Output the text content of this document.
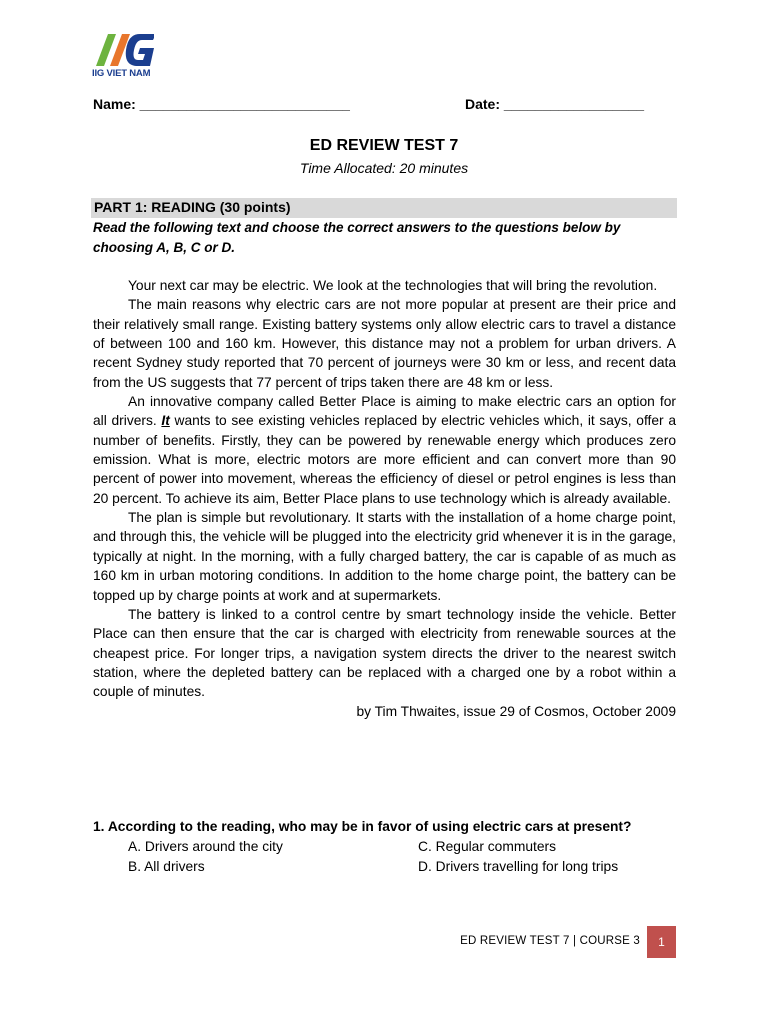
IIG VIET NAM
Name: ___________________________	Date: __________________
ED REVIEW TEST 7
Time Allocated: 20 minutes
PART 1: READING (30 points)
Read the following text and choose the correct answers to the questions below by choosing A, B, C or D.

Your next car may be electric. We look at the technologies that will bring the revolution.

The main reasons why electric cars are not more popular at present are their price and their relatively small range. Existing battery systems only allow electric cars to travel a distance of between 100 and 160 km. However, this distance may not a problem for urban drivers. A recent Sydney study reported that 70 percent of journeys were 30 km or less, and recent data from the US suggests that 77 percent of trips taken there are 48 km or less.

An innovative company called Better Place is aiming to make electric cars an option for all drivers. It wants to see existing vehicles replaced by electric vehicles which, it says, offer a number of benefits. Firstly, they can be powered by renewable energy which produces zero emission. What is more, electric motors are more efficient and can convert more than 90 percent of power into movement, whereas the efficiency of diesel or petrol engines is less than 20 percent. To achieve its aim, Better Place plans to use technology which is already available.

The plan is simple but revolutionary. It starts with the installation of a home charge point, and through this, the vehicle will be plugged into the electricity grid whenever it is in the garage, typically at night. In the morning, with a fully charged battery, the car is capable of as much as 160 km in urban motoring conditions. In addition to the home charge point, the battery can be topped up by charge points at work and at supermarkets.

The battery is linked to a control centre by smart technology inside the vehicle. Better Place can then ensure that the car is charged with electricity from renewable sources at the cheapest price. For longer trips, a navigation system directs the driver to the nearest switch station, where the depleted battery can be replaced with a charged one by a robot within a couple of minutes.

by Tim Thwaites, issue 29 of Cosmos, October 2009

1. According to the reading, who may be in favor of using electric cars at present?
A. Drivers around the city
B. All drivers
C. Regular commuters
D. Drivers travelling for long trips
ED REVIEW TEST 7 | COURSE 3	1
